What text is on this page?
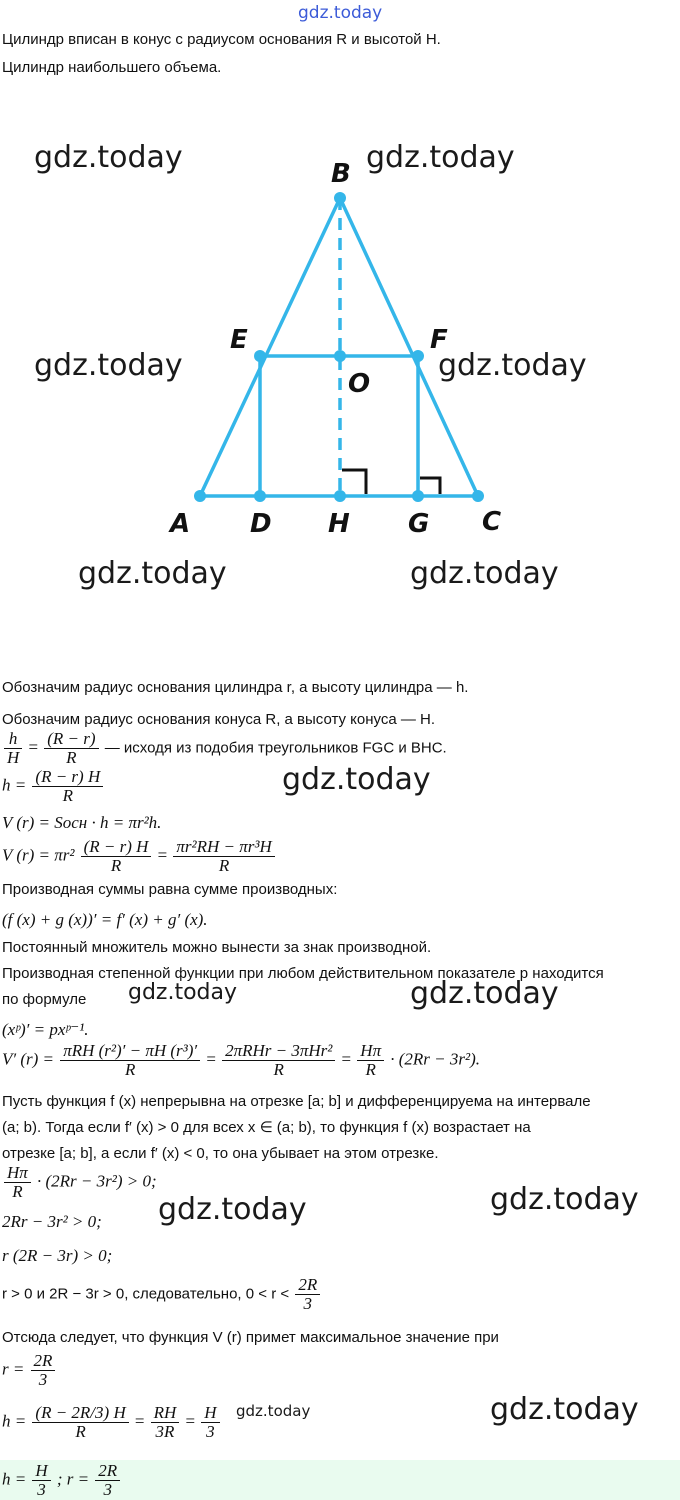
gdz.today
Цилиндр вписан в конус с радиусом основания R и высотой H.
Цилиндр наибольшего объема.
B
E	F
O
A D H G C
gdz.today	gdz.today
gdz.today	gdz.today
gdz.today	gdz.today
Обозначим радиус основания цилиндра r, а высоту цилиндра — h.
Обозначим радиус основания конуса R, а высоту конуса — H.
$\frac{h}{H} = \frac{(R - r)}{R}$ — исходя из подобия треугольников FGC и BHC.
$h = \frac{(R - r) H}{R}$
V (r) = Sосн · h = πr²h.
V $(r) = \pi r^2 \frac{(R - r) H}{R} = \frac{\text{πr²RH − πr³H}}{R}$
Производная суммы равна сумме производных:
(f (x) + g (x))′ = f′ (x) + g′ (x).
Постоянный множитель можно вынести за знак производной.
Производная степенной функции при любом действительном показателе p находится
по формуле
(xᵖ)′ = pxᵖ⁻¹.
V′ $(r) = \frac{\text{πRH (r²)′ − πH (r³)′}}{R} = \frac{\text{2πRHr − 3πHr²}}{R} = \frac{H\pi}{R} \cdot (2Rr - 3r^2)$.
Пусть функция f (x) непрерывна на отрезке [a; b] и дифференцируема на интервале
(a; b). Тогда если f′ (x) > 0 для всех x ∈ (a; b), то функция f (x) возрастает на
отрезке [a; b], а если f′ (x) < 0, то она убывает на этом отрезке.
$\frac{H\pi}{R} \cdot (2Rr - 3r^2) > 0$;
2Rr − 3r² > 0;
r (2R − 3r) > 0;
r > 0 и 2R − 3r > 0, следовательно, $0 < r < \frac{2R}{3}$
Отсюда следует, что функция V (r) примет максимальное значение при
$r = \frac{2R}{3}$
$h = \frac{(R - 2R/3) H}{R} = \frac{RH}{3R} = \frac{H}{3}$
$h = \frac{H}{3}$ ; $r = \frac{2R}{3}$
gdz.today
gdz.today	gdz.today
gdz.today
gdz.today
gdz.today	gdz.today
